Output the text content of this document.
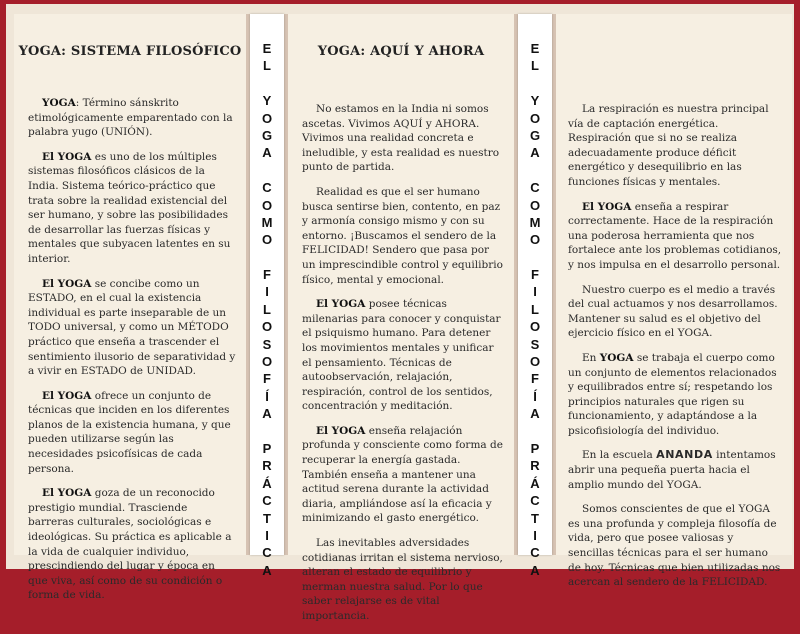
YOGA: SISTEMA FILOSÓFICO

YOGA: Término sánskrito etimológicamente emparentado con la palabra yugo (UNIÓN).

El YOGA es uno de los múltiples sistemas filosóficos clásicos de la India. Sistema teórico-práctico que trata sobre la realidad existencial del ser humano, y sobre las posibilidades de desarrollar las fuerzas físicas y mentales que subyacen latentes en su interior.

El YOGA se concibe como un ESTADO, en el cual la existencia individual es parte inseparable de un TODO universal, y como un MÉTODO práctico que enseña a trascender el sentimiento ilusorio de separatividad y a vivir en ESTADO de UNIDAD.

El YOGA ofrece un conjunto de técnicas que inciden en los diferentes planos de la existencia humana, y que pueden utilizarse según las necesidades psicofísicas de cada persona.

El YOGA goza de un reconocido prestigio mundial. Trasciende barreras culturales, sociológicas e ideológicas. Su práctica es aplicable a la vida de cualquier individuo, prescindiendo del lugar y época en que viva, así como de su condición o forma de vida.

E
L
Y
O
G
A
C
O
M
O
F
I
L
O
S
O
F
Í
A
P
R
Á
C
T
I
C
A
YOGA: AQUÍ Y AHORA

No estamos en la India ni somos ascetas. Vivimos AQUÍ y AHORA. Vivimos una realidad concreta e ineludible, y esta realidad es nuestro punto de partida.

Realidad es que el ser humano busca sentirse bien, contento, en paz y armonía consigo mismo y con su entorno. ¡Buscamos el sendero de la FELICIDAD! Sendero que pasa por un imprescindible control y equilibrio físico, mental y emocional.

El YOGA posee técnicas milenarias para conocer y conquistar el psiquismo humano. Para detener los movimientos mentales y unificar el pensamiento. Técnicas de autoobservación, relajación, respiración, control de los sentidos, concentración y meditación.

El YOGA enseña relajación profunda y consciente como forma de recuperar la energía gastada. También enseña a mantener una actitud serena durante la actividad diaria, ampliándose así la eficacia y minimizando el gasto energético.

Las inevitables adversidades cotidianas irritan el sistema nervioso, alteran el estado de equilibrio y merman nuestra salud. Por lo que saber relajarse es de vital importancia.

E
L
Y
O
G
A
C
O
M
O
F
I
L
O
S
O
F
Í
A
P
R
Á
C
T
I
C
A

La respiración es nuestra principal vía de captación energética. Respiración que si no se realiza adecuadamente produce déficit energético y desequilibrio en las funciones físicas y mentales.

El YOGA enseña a respirar correctamente. Hace de la respiración una poderosa herramienta que nos fortalece ante los problemas cotidianos, y nos impulsa en el desarrollo personal.

Nuestro cuerpo es el medio a través del cual actuamos y nos desarrollamos. Mantener su salud es el objetivo del ejercicio físico en el YOGA.

En YOGA se trabaja el cuerpo como un conjunto de elementos relacionados y equilibrados entre sí; respetando los principios naturales que rigen su funcionamiento, y adaptándose a la psicofisiología del individuo.

En la escuela ANANDA intentamos abrir una pequeña puerta hacia el amplio mundo del YOGA.

Somos conscientes de que el YOGA es una profunda y compleja filosofía de vida, pero que posee valiosas y sencillas técnicas para el ser humano de hoy. Técnicas que bien utilizadas nos acercan al sendero de la FELICIDAD.
